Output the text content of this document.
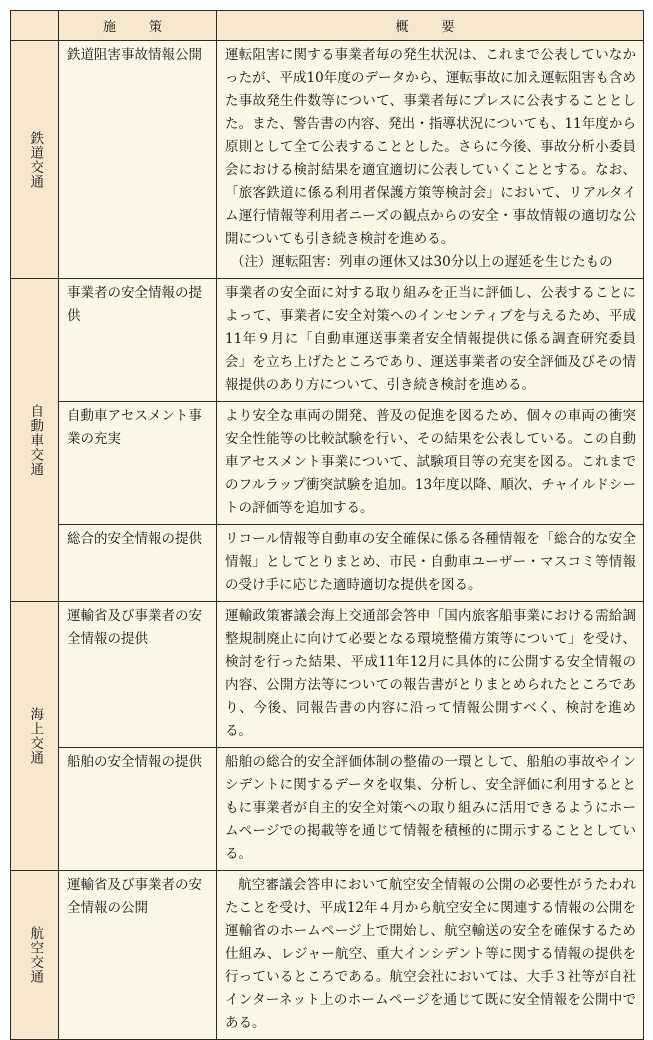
	施　策	概　要

鉄道交通	鉄道阻害事故情報公開	運転阻害に関する事業者毎の発生状況は、これまで公表していなかったが、平成10年度のデータから、運転事故に加え運転阻害も含めた事故発生件数等について、事業者毎にプレスに公表することとした。また、警告書の内容、発出・指導状況についても、11年度から原則として全て公表することとした。さらに今後、事故分析小委員会における検討結果を適宜適切に公表していくこととする。なお、「旅客鉄道に係る利用者保護方策等検討会」において、リアルタイム運行情報等利用者ニーズの観点からの安全・事故情報の適切な公開についても引き続き検討を進める。

（注）運転阻害：列車の運休又は30分以上の遅延を生じたもの

自動車交通	事業者の安全情報の提供	事業者の安全面に対する取り組みを正当に評価し、公表することによって、事業者に安全対策へのインセンティブを与えるため、平成11年９月に「自動車運送事業者安全情報提供に係る調査研究委員会」を立ち上げたところであり、運送事業者の安全評価及びその情報提供のあり方について、引き続き検討を進める。

	自動車アセスメント事業の充実	より安全な車両の開発、普及の促進を図るため、個々の車両の衝突安全性能等の比較試験を行い、その結果を公表している。この自動車アセスメント事業について、試験項目等の充実を図る。これまでのフルラップ衝突試験を追加。13年度以降、順次、チャイルドシートの評価等を追加する。

	総合的安全情報の提供	リコール情報等自動車の安全確保に係る各種情報を「総合的な安全情報」としてとりまとめ、市民・自動車ユーザー・マスコミ等情報の受け手に応じた適時適切な提供を図る。

海上交通	運輸省及び事業者の安全情報の提供	運輸政策審議会海上交通部会答申「国内旅客船事業における需給調整規制廃止に向けて必要となる環境整備方策等について」を受け、検討を行った結果、平成11年12月に具体的に公開する安全情報の内容、公開方法等についての報告書がとりまとめられたところであり、今後、同報告書の内容に沿って情報公開すべく、検討を進める。

	船舶の安全情報の提供	船舶の総合的安全評価体制の整備の一環として、船舶の事故やインシデントに関するデータを収集、分析し、安全評価に利用するとともに事業者が自主的安全対策への取り組みに活用できるようにホームページでの掲載等を通じて情報を積極的に開示することとしている。

航空交通	運輸省及び事業者の安全情報の公開	航空審議会答申において航空安全情報の公開の必要性がうたわれたことを受け、平成12年４月から航空安全に関連する情報の公開を運輸省のホームページ上で開始し、航空輸送の安全を確保するため仕組み、レジャー航空、重大インシデント等に関する情報の提供を行っているところである。航空会社においては、大手３社等が自社インターネット上のホームページを通じて既に安全情報を公開中である。
